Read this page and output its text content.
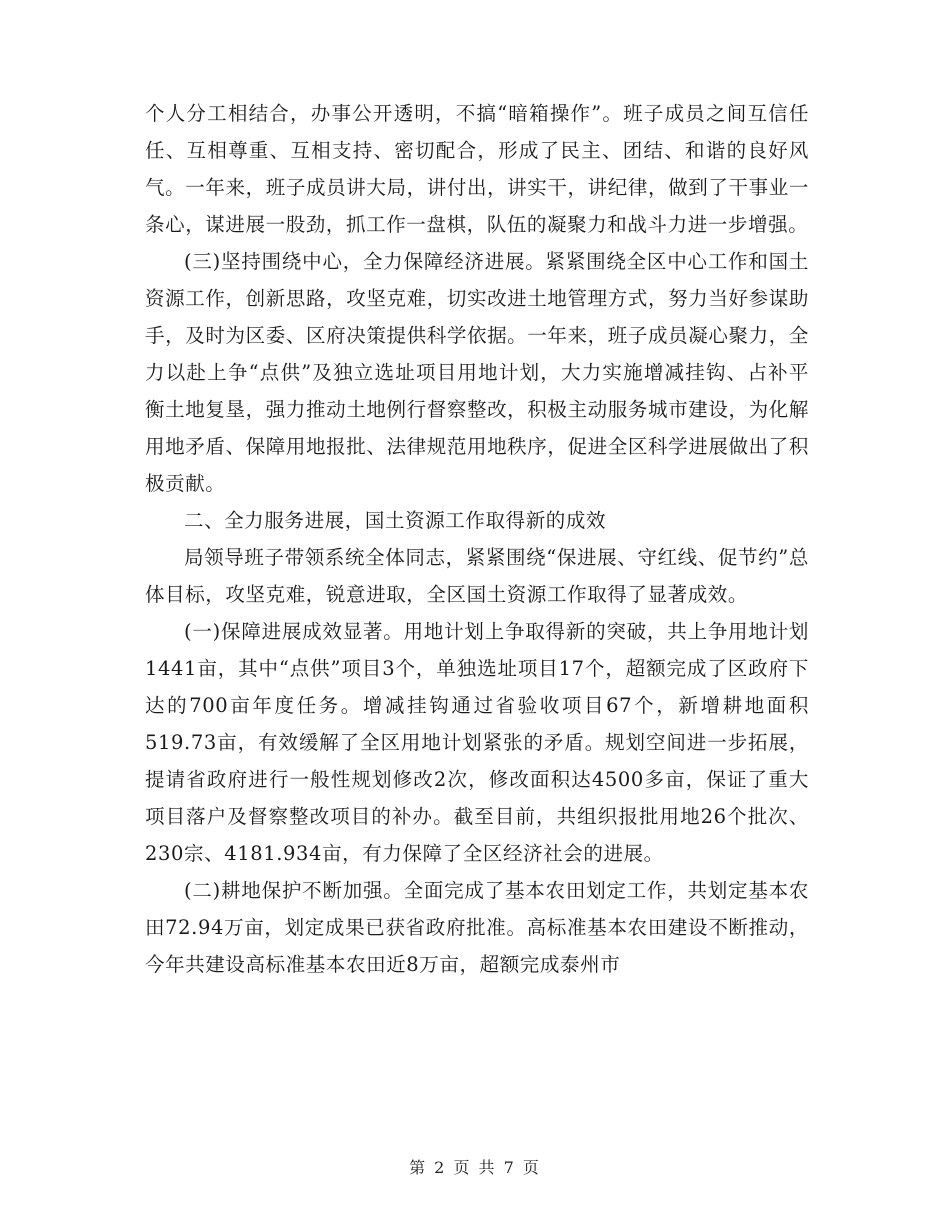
个人分工相结合，办事公开透明，不搞“暗箱操作”。班子成员之间互信任任、互相尊重、互相支持、密切配合，形成了民主、团结、和谐的良好风气。一年来，班子成员讲大局，讲付出，讲实干，讲纪律，做到了干事业一条心，谋进展一股劲，抓工作一盘棋，队伍的凝聚力和战斗力进一步增强。

(三)坚持围绕中心，全力保障经济进展。紧紧围绕全区中心工作和国土资源工作，创新思路，攻坚克难，切实改进土地管理方式，努力当好参谋助手，及时为区委、区府决策提供科学依据。一年来，班子成员凝心聚力，全力以赴上争“点供”及独立选址项目用地计划，大力实施增减挂钩、占补平衡土地复垦，强力推动土地例行督察整改，积极主动服务城市建设，为化解用地矛盾、保障用地报批、法律规范用地秩序，促进全区科学进展做出了积极贡献。

二、全力服务进展，国土资源工作取得新的成效

局领导班子带领系统全体同志，紧紧围绕“保进展、守红线、促节约”总体目标，攻坚克难，锐意进取，全区国土资源工作取得了显著成效。

(一)保障进展成效显著。用地计划上争取得新的突破，共上争用地计划1441亩，其中“点供”项目3个，单独选址项目17个，超额完成了区政府下达的700亩年度任务。增减挂钩通过省验收项目67个，新增耕地面积519.73亩，有效缓解了全区用地计划紧张的矛盾。规划空间进一步拓展，提请省政府进行一般性规划修改2次，修改面积达4500多亩，保证了重大项目落户及督察整改项目的补办。截至目前，共组织报批用地26个批次、230宗、4181.934亩，有力保障了全区经济社会的进展。

(二)耕地保护不断加强。全面完成了基本农田划定工作，共划定基本农田72.94万亩，划定成果已获省政府批准。高标准基本农田建设不断推动，今年共建设高标准基本农田近8万亩，超额完成泰州市

第 2 页 共 7 页
